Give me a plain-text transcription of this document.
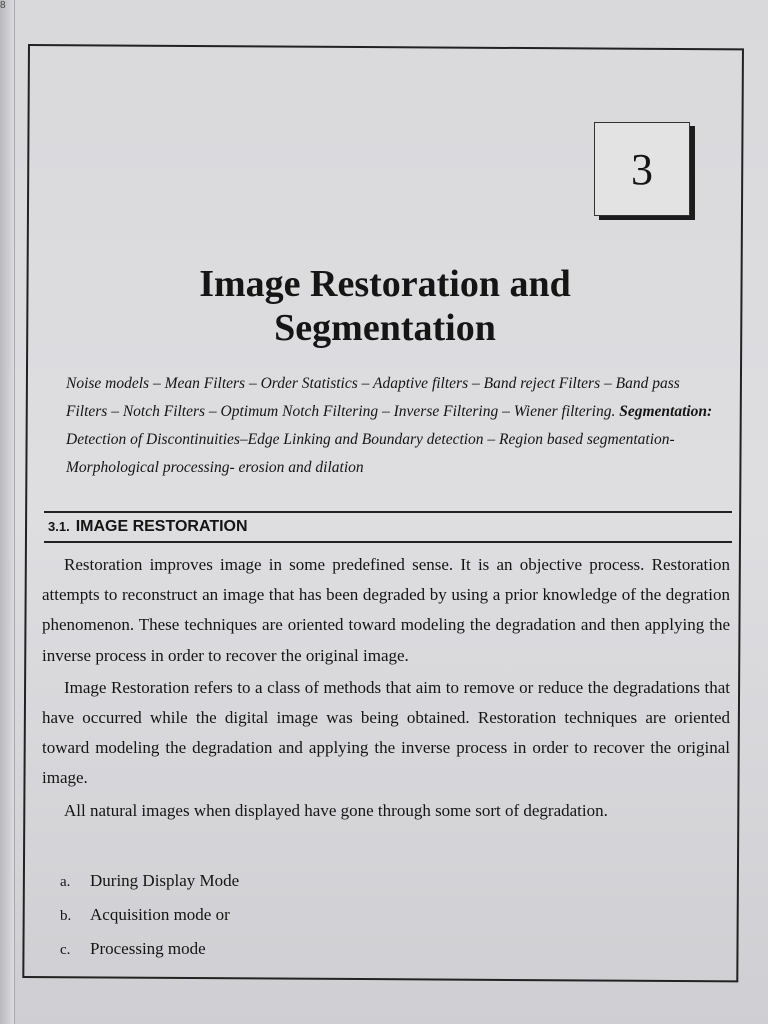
8
3
Image Restoration and
Segmentation
Noise models – Mean Filters – Order Statistics – Adaptive filters – Band reject Filters – Band pass Filters – Notch Filters – Optimum Notch Filtering – Inverse Filtering – Wiener filtering. Segmentation: Detection of Discontinuities–Edge Linking and Boundary detection – Region based segmentation- Morphological processing- erosion and dilation
3.1. IMAGE RESTORATION

Restoration improves image in some predefined sense. It is an objective process. Restoration attempts to reconstruct an image that has been degraded by using a prior knowledge of the degration phenomenon. These techniques are oriented toward modeling the degradation and then applying the inverse process in order to recover the original image.

Image Restoration refers to a class of methods that aim to remove or reduce the degradations that have occurred while the digital image was being obtained. Restoration techniques are oriented toward modeling the degradation and applying the inverse process in order to recover the original image.

All natural images when displayed have gone through some sort of degradation.

a. During Display Mode
b. Acquisition mode or
c. Processing mode
